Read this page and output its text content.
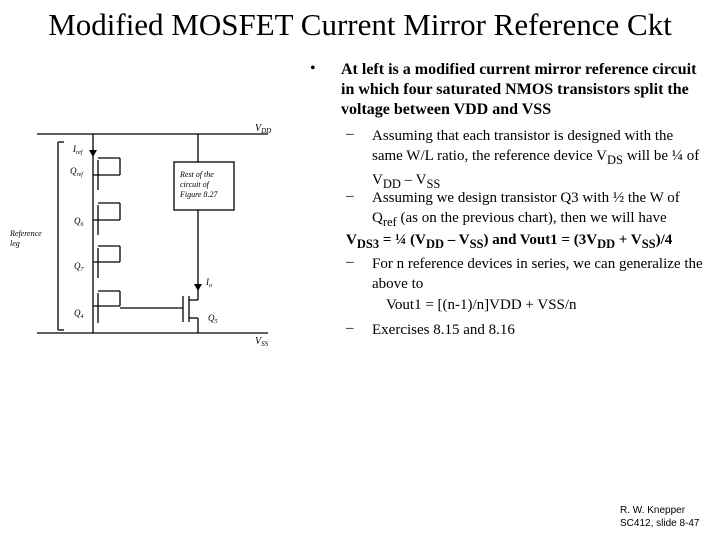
Modified MOSFET Current Mirror Reference Ckt
$V_{DD}$
$V_{SS}$
$I_{ref}$
$Q_{ref}$
$Q_6$
$Q_7$
$Q_4$	$Q_5$
$I_o$
Reference leg
Rest of the circuit of Figure 8.27
• At left is a modified current mirror reference circuit in which four saturated NMOS transistors split the voltage between VDD and VSS
– Assuming that each transistor is designed with the same W/L ratio, the reference device $V_{DS}$ will be ¼ of $V_{DD} - V_{SS}$
– Assuming we design transistor Q3 with ½ the W of $Q_{ref}$ (as on the previous chart), then we will have
$V_{DS3}$ = ¼ $(V_{DD} - V_{SS})$ and Vout1 = $(3V_{DD} + V_{SS})/4$
– For n reference devices in series, we can generalize the above to
Vout1 = [(n-1)/n]VDD + VSS/n
– Exercises 8.15 and 8.16
R. W. Knepper
SC412, slide 8-47
